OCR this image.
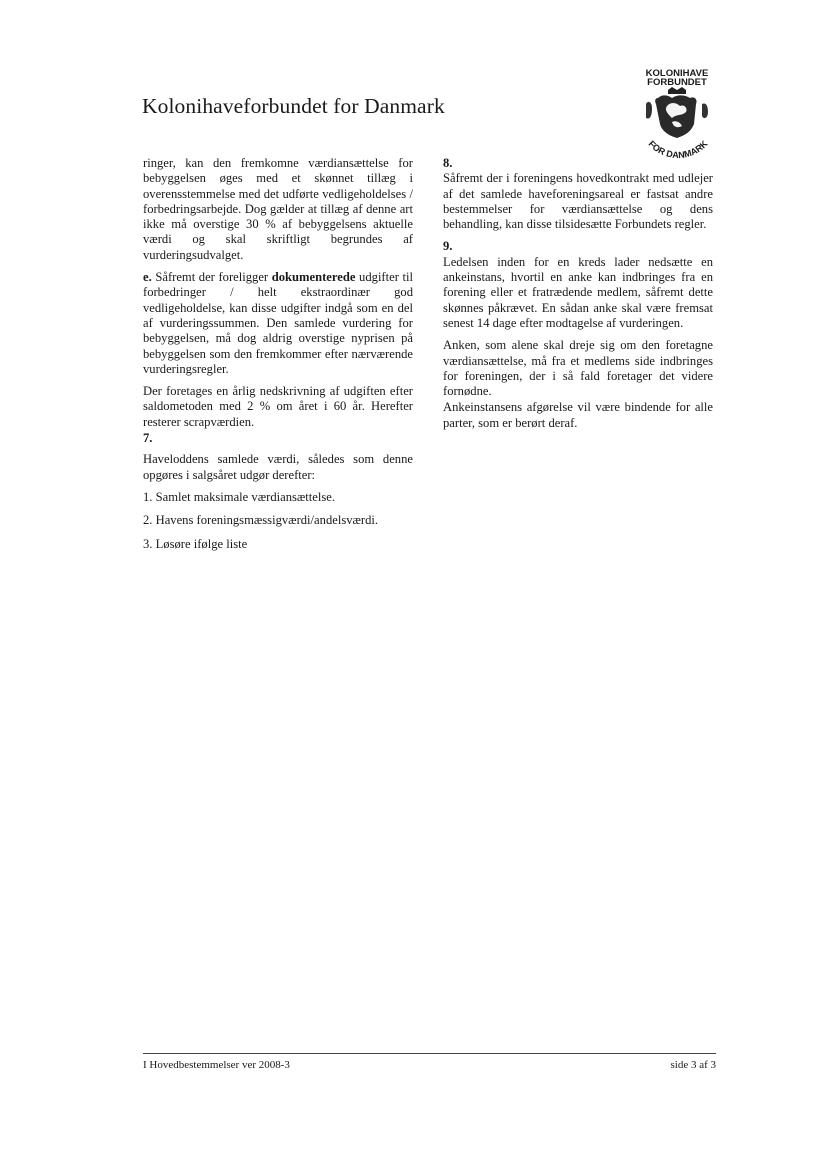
Kolonihaveforbundet for Danmark
KOLONIHAVE
FORBUNDET
FOR DANMARK

ringer, kan den fremkomne værdiansættelse for bebyggelsen øges med et skønnet tillæg i overensstemmelse med det udførte vedligeholdelses / forbedringsarbejde. Dog gælder at tillæg af denne art ikke må overstige 30 % af bebyggelsens aktuelle værdi og skal skriftligt begrundes af vurderingsudvalget.

e. Såfremt der foreligger dokumenterede udgifter til forbedringer / helt ekstraordinær god vedligeholdelse, kan disse udgifter indgå som en del af vurderingssummen. Den samlede vurdering for bebyggelsen, må dog aldrig overstige nyprisen på bebyggelsen som den fremkommer efter nærværende vurderingsregler.

Der foretages en årlig nedskrivning af udgiften efter saldometoden med 2 % om året i 60 år. Herefter resterer scrapværdien.

7.

Haveloddens samlede værdi, således som denne opgøres i salgsåret udgør derefter:

1. Samlet maksimale værdiansættelse.

2. Havens foreningsmæssigværdi/andelsværdi.

3. Løsøre ifølge liste

8.

Såfremt der i foreningens hovedkontrakt med udlejer af det samlede haveforeningsareal er fastsat andre bestemmelser for værdiansættelse og dens behandling, kan disse tilsidesætte Forbundets regler.

9.

Ledelsen inden for en kreds lader nedsætte en ankeinstans, hvortil en anke kan indbringes fra en forening eller et fratrædende medlem, såfremt dette skønnes påkrævet. En sådan anke skal være fremsat senest 14 dage efter modtagelse af vurderingen.

Anken, som alene skal dreje sig om den foretagne værdiansættelse, må fra et medlems side indbringes for foreningen, der i så fald foretager det videre fornødne.

Ankeinstansens afgørelse vil være bindende for alle parter, som er berørt deraf.

I Hovedbestemmelser ver 2008-3	side 3 af 3
